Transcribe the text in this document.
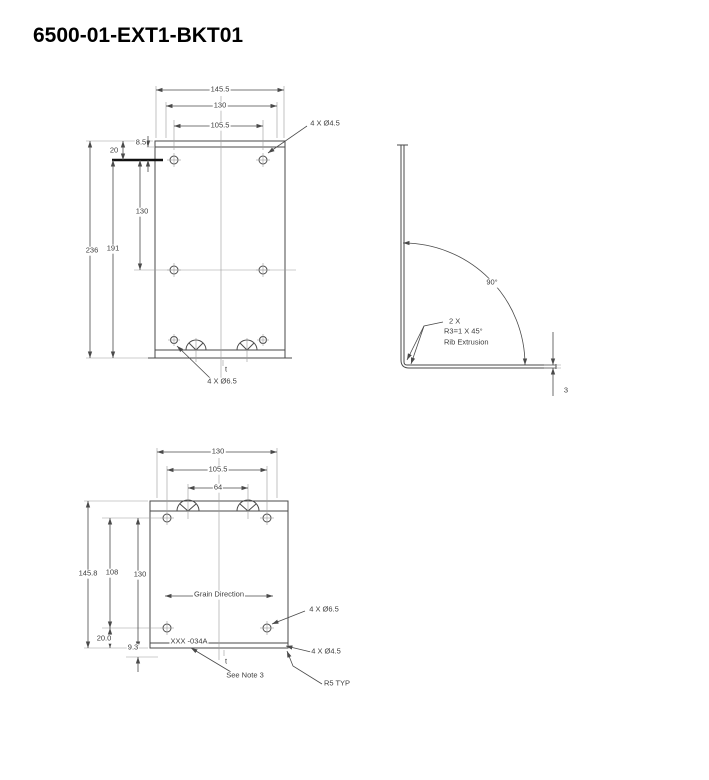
6500-01-EXT1-BKT01
145.5
130
105.5	4 X Ø4.5
20
8.5
130
191
236
4 X Ø6.5
t
90°
2 X
R3=1 X 45°
Rib Extrusion
3
130
105.5
64
145.8 108 130
20.0
9.3
Grain Direction
XXX -034A
See Note 3
4 X Ø6.5
4 X Ø4.5
R5 TYP
t
